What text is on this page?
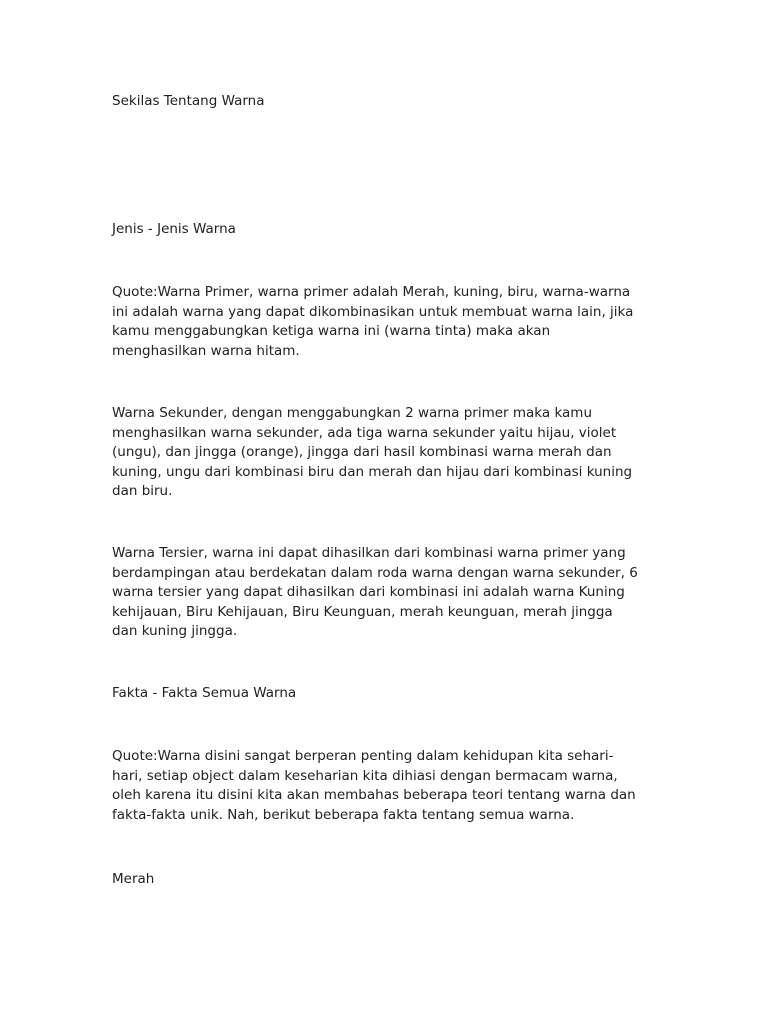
Sekilas Tentang Warna

Jenis - Jenis Warna

Quote:Warna Primer, warna primer adalah Merah, kuning, biru, warna-warna

ini adalah warna yang dapat dikombinasikan untuk membuat warna lain, jika

kamu menggabungkan ketiga warna ini (warna tinta) maka akan

menghasilkan warna hitam.

Warna Sekunder, dengan menggabungkan 2 warna primer maka kamu

menghasilkan warna sekunder, ada tiga warna sekunder yaitu hijau, violet

(ungu), dan jingga (orange), jingga dari hasil kombinasi warna merah dan

kuning, ungu dari kombinasi biru dan merah dan hijau dari kombinasi kuning

dan biru.

Warna Tersier, warna ini dapat dihasilkan dari kombinasi warna primer yang

berdampingan atau berdekatan dalam roda warna dengan warna sekunder, 6

warna tersier yang dapat dihasilkan dari kombinasi ini adalah warna Kuning

kehijauan, Biru Kehijauan, Biru Keunguan, merah keunguan, merah jingga

dan kuning jingga.

Fakta - Fakta Semua Warna

Quote:Warna disini sangat berperan penting dalam kehidupan kita sehari-

hari, setiap object dalam keseharian kita dihiasi dengan bermacam warna,

oleh karena itu disini kita akan membahas beberapa teori tentang warna dan

fakta-fakta unik. Nah, berikut beberapa fakta tentang semua warna.

Merah
